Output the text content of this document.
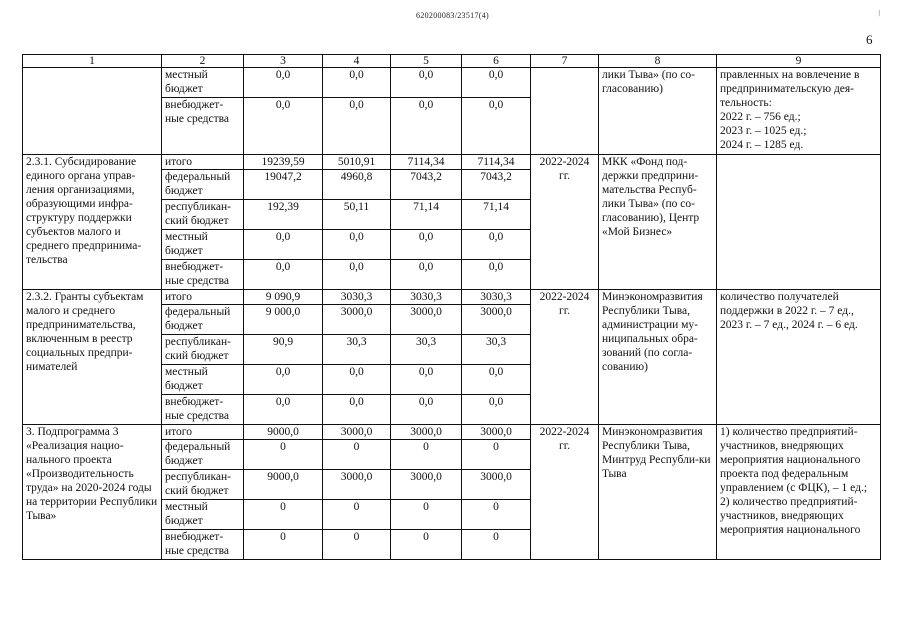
620200083/23517(4)	\
6
1	2	3	4	5	6	7	8	9
	местный бюджет	0,0	0,0	0,0	0,0		лики Тыва» (по со-гласованию)	правленных на вовлечение в предпринимательскую дея-тельность:
2022 г. – 756 ед.;
2023 г. – 1025 ед.;
2024 г. – 1285 ед.
	внебюджет-ные средства	0,0	0,0	0,0	0,0			
2.3.1. Субсидирование единого органа управ-ления организациями, образующими инфра-структуру поддержки субъектов малого и среднего предпринима-тельства	итого	19239,59	5010,91	7114,34	7114,34	2022-2024 гг.	МКК «Фонд под-держки предприни-мательства Респуб-лики Тыва» (по со-гласованию), Центр «Мой Бизнес»	
	федеральный бюджет	19047,2	4960,8	7043,2	7043,2			
	республикан-ский бюджет	192,39	50,11	71,14	71,14			
	местный бюджет	0,0	0,0	0,0	0,0			
	внебюджет-ные средства	0,0	0,0	0,0	0,0			
2.3.2. Гранты субъектам малого и среднего предпринимательства, включенным в реестр социальных предпри-нимателей	итого	9 090,9	3030,3	3030,3	3030,3	2022-2024 гг.	Минэкономразвития Республики Тыва, администрации му-ниципальных обра-зований (по согла-сованию)	количество получателей поддержки в 2022 г. – 7 ед., 2023 г. – 7 ед., 2024 г. – 6 ед.
	федеральный бюджет	9 000,0	3000,0	3000,0	3000,0			
	республикан-ский бюджет	90,9	30,3	30,3	30,3			
	местный бюджет	0,0	0,0	0,0	0,0			
	внебюджет-ные средства	0,0	0,0	0,0	0,0			
3. Подпрограмма 3 «Реализация нацио-нального проекта «Производительность труда» на 2020-2024 годы на территории Республики Тыва»	итого	9000,0	3000,0	3000,0	3000,0	2022-2024 гг.	Минэкономразвития Республики Тыва, Минтруд Республи-ки Тыва	1) количество предприятий-участников, внедряющих мероприятия национального проекта под федеральным управлением (с ФЦК), – 1 ед.;
2) количество предприятий-участников, внедряющих мероприятия национального
	федеральный бюджет	0	0	0	0			
	республикан-ский бюджет	9000,0	3000,0	3000,0	3000,0			
	местный бюджет	0	0	0	0			
	внебюджет-ные средства	0	0	0	0			
